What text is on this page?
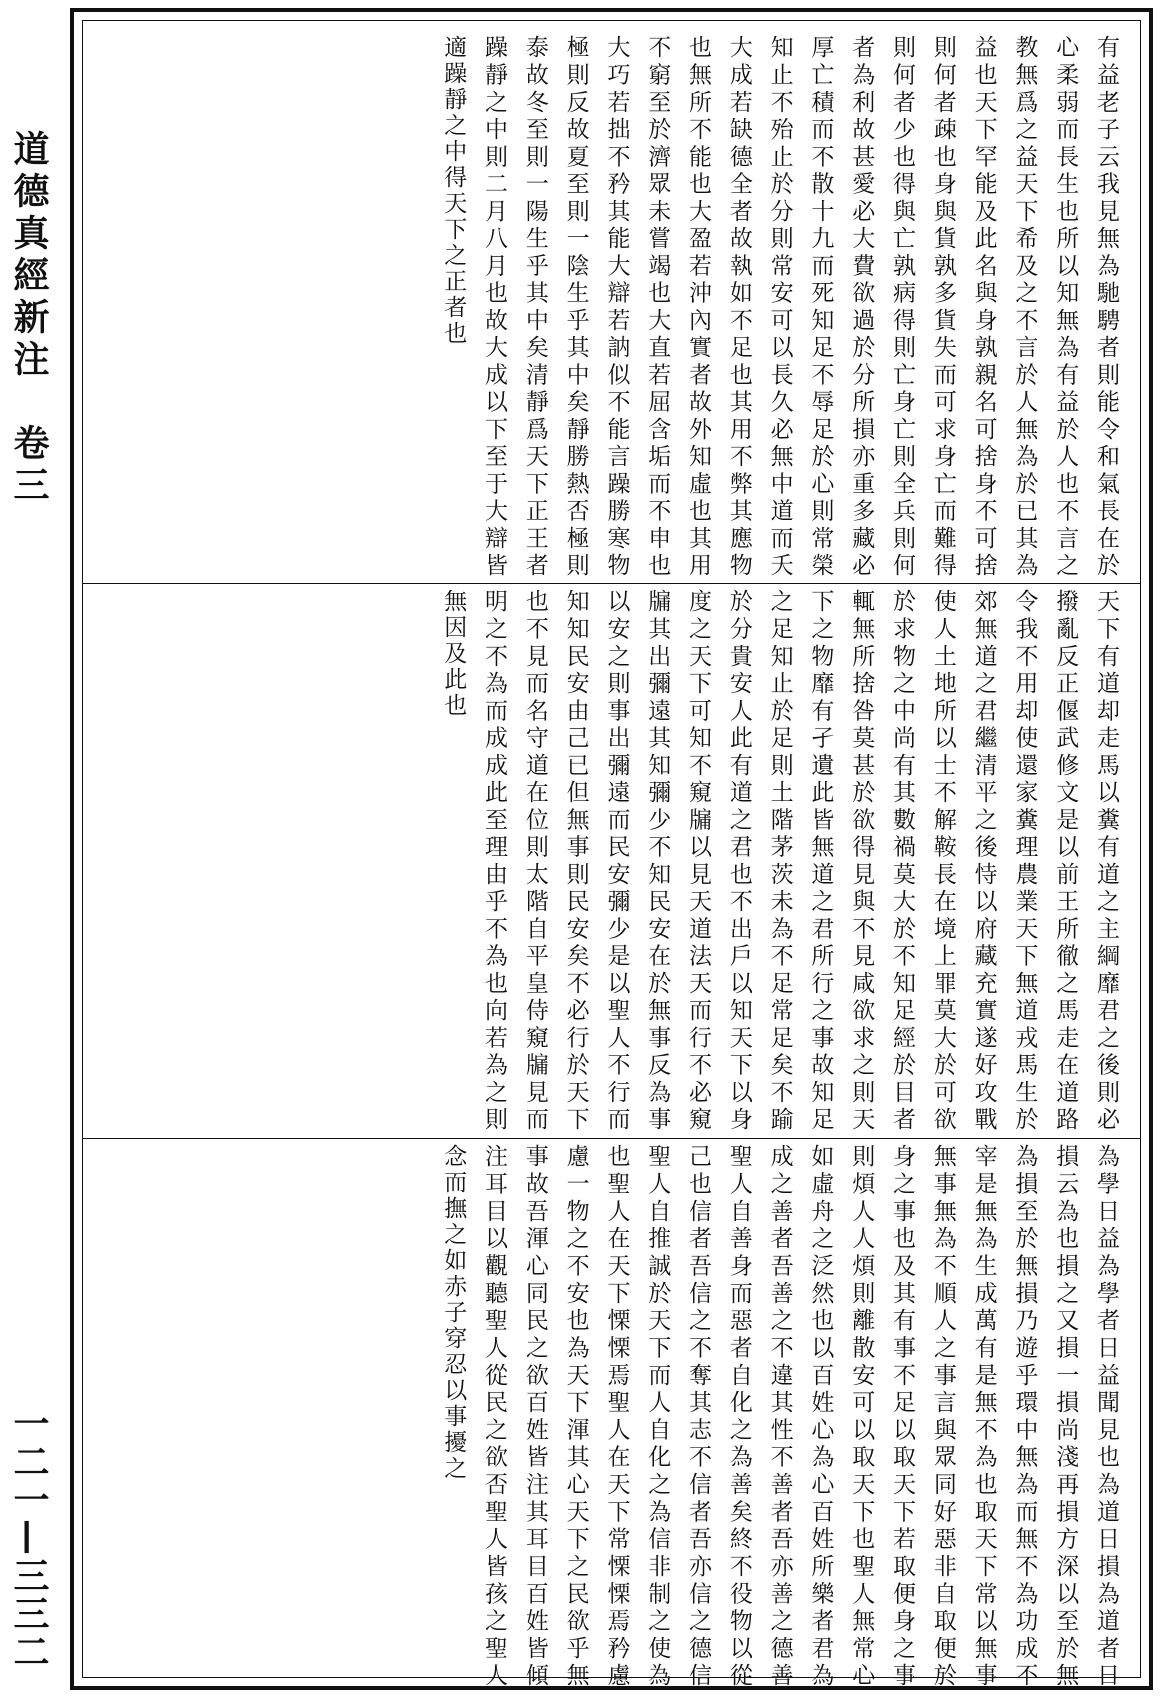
道德真經新注　卷三
一二一—三三二
有益老子云我見無為馳騁者則能令和氣長在於心柔弱而長生也所以知無為有益於人也不言之教無爲之益天下希及之不言於人無為於已其為益也天下罕能及此名與身孰親名可捨身不可捨則何者疎也身與貨孰多貨失而可求身亡而難得則何者少也得與亡孰病得則亡身亡則全兵則何者為利故甚愛必大費欲過於分所損亦重多藏必厚亡積而不散十九而死知足不辱足於心則常榮知止不殆止於分則常安可以長久必無中道而夭大成若缺德全者故執如不足也其用不弊其應物也無所不能也大盈若沖內實者故外知虛也其用不窮至於濟眾未嘗竭也大直若屈含垢而不申也大巧若拙不矜其能大辯若訥似不能言躁勝寒物極則反故夏至則一陰生乎其中矣靜勝熱否極則泰故冬至則一陽生乎其中矣清靜爲天下正王者躁靜之中則二月八月也故大成以下至于大辯皆適躁靜之中得天下之正者也
天下有道却走馬以糞有道之主綱靡君之後則必撥亂反正偃武修文是以前王所徹之馬走在道路令我不用却使還家糞理農業天下無道戎馬生於郊無道之君繼清平之後恃以府藏充實遂好攻戰使人土地所以士不解鞍長在境上罪莫大於可欲於求物之中尚有其數禍莫大於不知足經於目者輒無所捨咎莫甚於欲得見與不見咸欲求之則天下之物靡有孑遺此皆無道之君所行之事故知足之足知止於足則土階茅茨未為不足常足矣不踰於分貴安人此有道之君也不出戶以知天下以身度之天下可知不窺牖以見天道法天而行不必窺牖其出彌遠其知彌少不知民安在於無事反為事以安之則事出彌遠而民安彌少是以聖人不行而知知民安由己已但無事則民安矣不必行於天下也不見而名守道在位則太階自平皇侍窺牖見而明之不為而成成此至理由乎不為也向若為之則無因及此也
為學日益為學者日益聞見也為道日損為道者日損云為也損之又損一損尚淺再損方深以至於無為損至於無損乃遊乎環中無為而無不為功成不宰是無為生成萬有是無不為也取天下常以無事無事無為不順人之事言與眾同好惡非自取便於身之事也及其有事不足以取天下若取便身之事則煩人人煩則離散安可以取天下也聖人無常心如虛舟之泛然也以百姓心為心百姓所樂者君為成之善者吾善之不違其性不善者吾亦善之德善聖人自善身而惡者自化之為善矣終不役物以從己也信者吾信之不奪其志不信者吾亦信之德信聖人自推誠於天下而人自化之為信非制之使為也聖人在天下慄慄焉聖人在天下常慄慄焉矜慮慮一物之不安也為天下渾其心天下之民欲乎無事故吾渾心同民之欲百姓皆注其耳目百姓皆傾注耳目以觀聽聖人從民之欲否聖人皆孩之聖人念而撫之如赤子穿忍以事擾之
